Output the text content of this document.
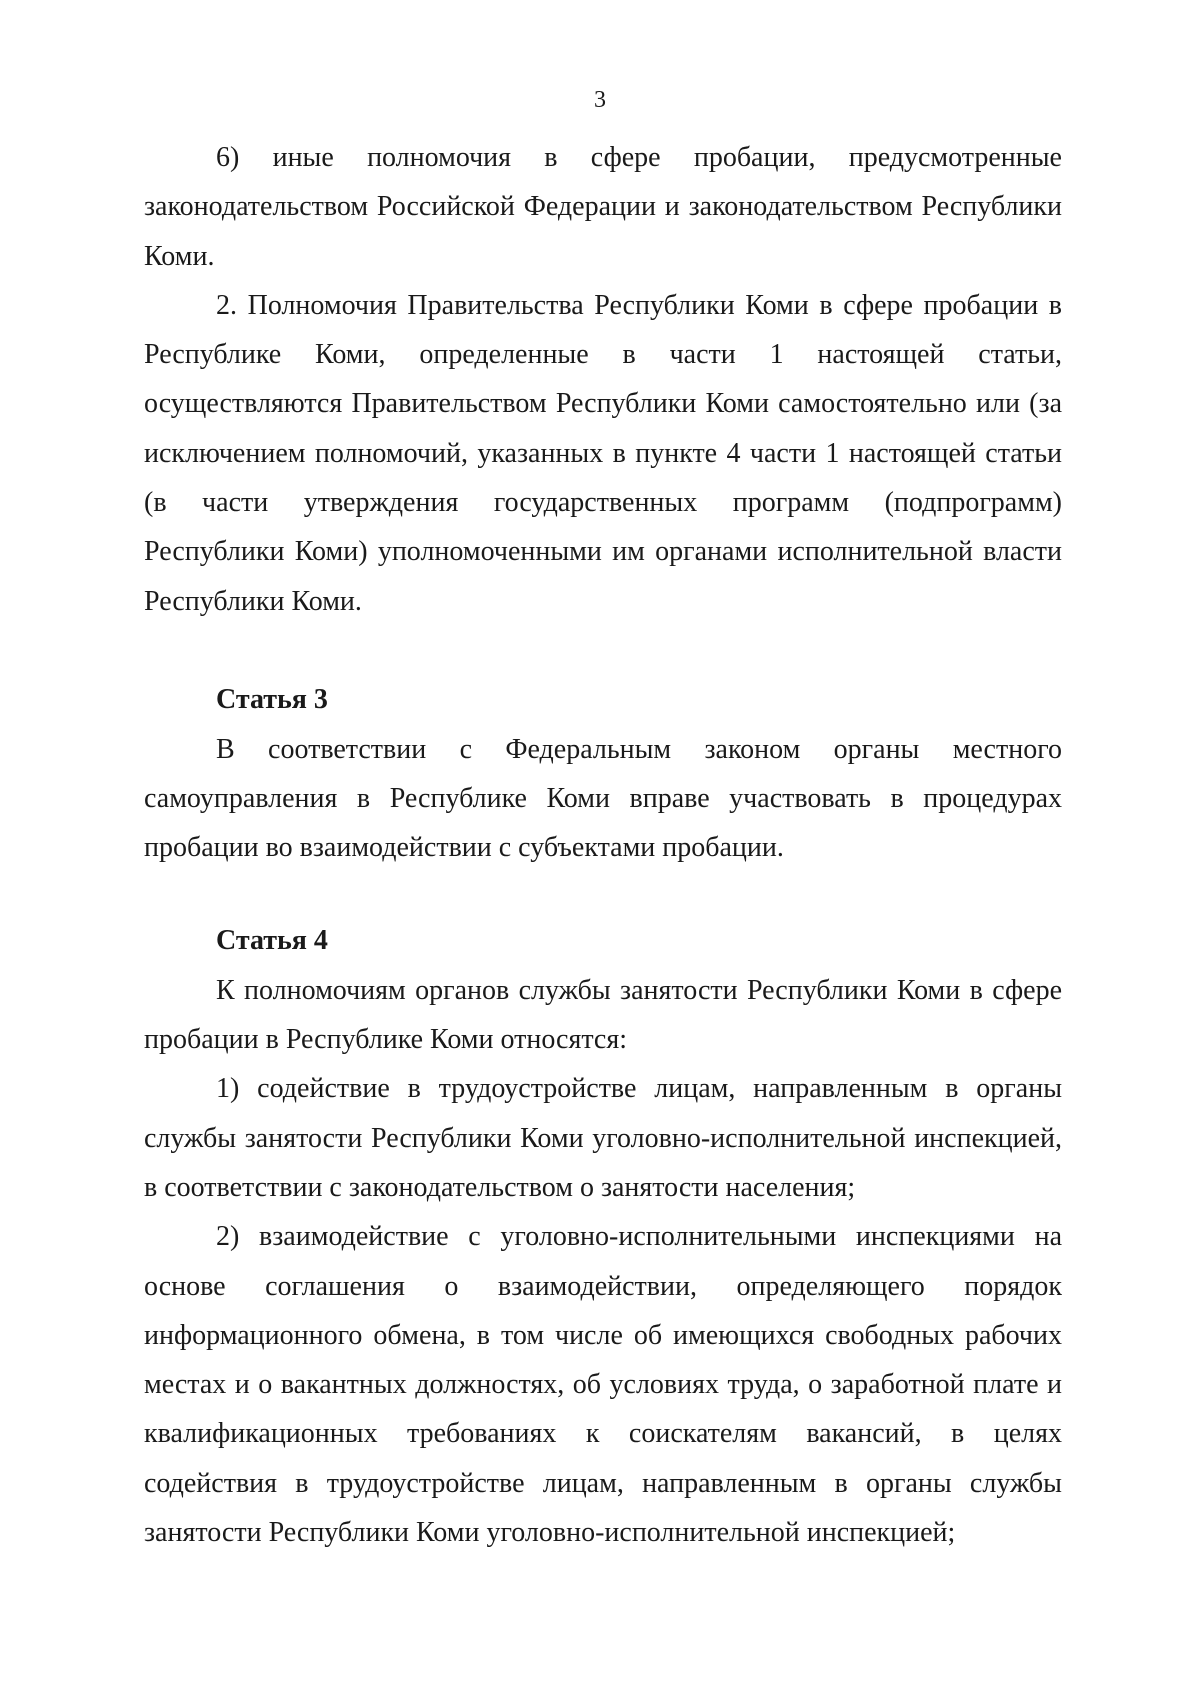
3

6) иные полномочия в сфере пробации, предусмотренные законодательством Российской Федерации и законодательством Республики Коми.

2. Полномочия Правительства Республики Коми в сфере пробации в Республике Коми, определенные в части 1 настоящей статьи, осуществляются Правительством Республики Коми самостоятельно или (за исключением полномочий, указанных в пункте 4 части 1 настоящей статьи (в части утверждения государственных программ (подпрограмм) Республики Коми) уполномоченными им органами исполнительной власти Республики Коми.

Статья 3

В соответствии с Федеральным законом органы местного самоуправления в Республике Коми вправе участвовать в процедурах пробации во взаимодействии с субъектами пробации.

Статья 4

К полномочиям органов службы занятости Республики Коми в сфере пробации в Республике Коми относятся:

1) содействие в трудоустройстве лицам, направленным в органы службы занятости Республики Коми уголовно-исполнительной инспекцией, в соответствии с законодательством о занятости населения;

2) взаимодействие с уголовно-исполнительными инспекциями на основе соглашения о взаимодействии, определяющего порядок информационного обмена, в том числе об имеющихся свободных рабочих местах и о вакантных должностях, об условиях труда, о заработной плате и квалификационных требованиях к соискателям вакансий, в целях содействия в трудоустройстве лицам, направленным в органы службы занятости Республики Коми уголовно-исполнительной инспекцией;
